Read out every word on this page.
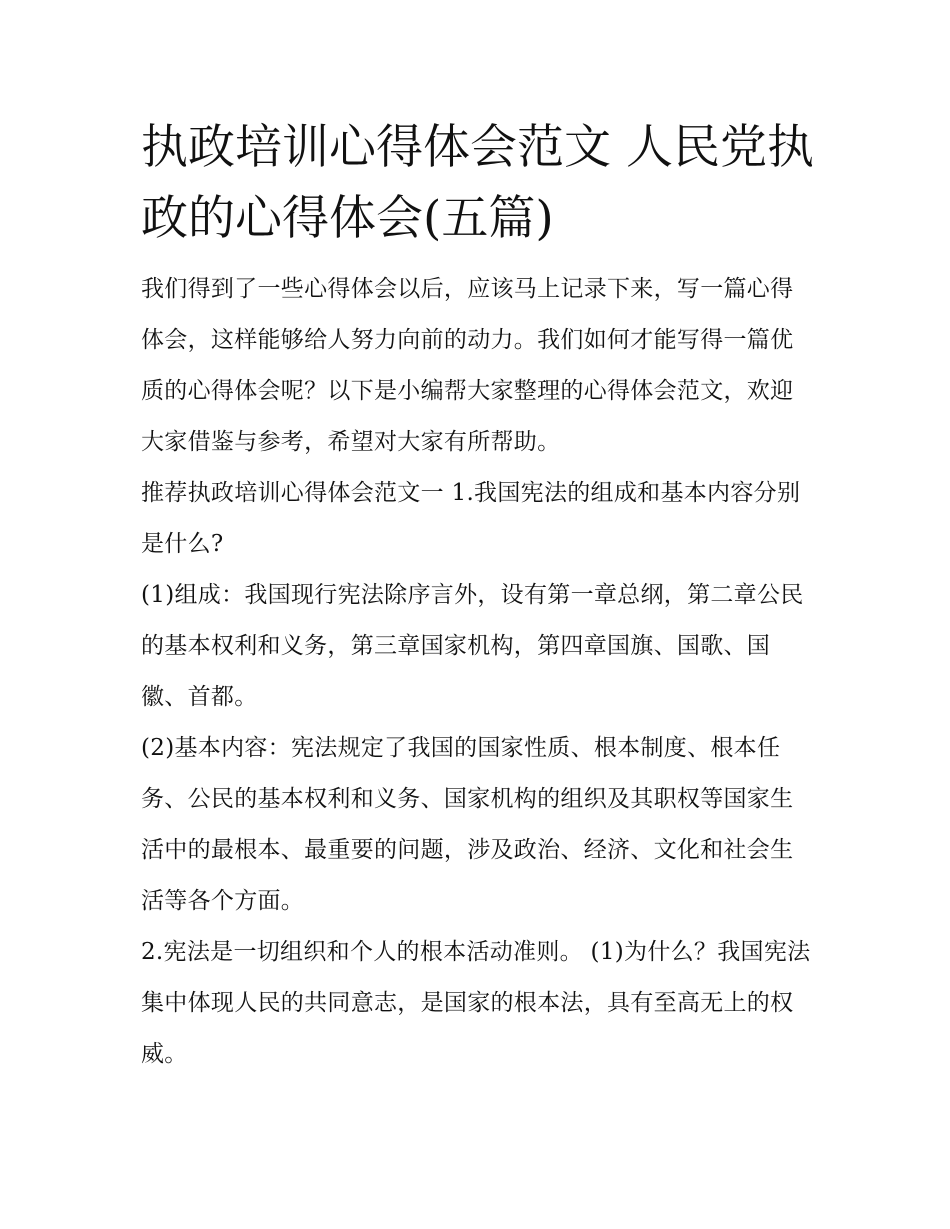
执政培训心得体会范文 人民党执政的心得体会(五篇)

我们得到了一些心得体会以后，应该马上记录下来，写一篇心得体会，这样能够给人努力向前的动力。我们如何才能写得一篇优质的心得体会呢？以下是小编帮大家整理的心得体会范文，欢迎大家借鉴与参考，希望对大家有所帮助。

推荐执政培训心得体会范文一 1.我国宪法的组成和基本内容分别是什么?

(1)组成：我国现行宪法除序言外，设有第一章总纲，第二章公民的基本权利和义务，第三章国家机构，第四章国旗、国歌、国徽、首都。

(2)基本内容：宪法规定了我国的国家性质、根本制度、根本任务、公民的基本权利和义务、国家机构的组织及其职权等国家生活中的最根本、最重要的问题，涉及政治、经济、文化和社会生活等各个方面。

2.宪法是一切组织和个人的根本活动准则。 (1)为什么？我国宪法集中体现人民的共同意志，是国家的根本法，具有至高无上的权威。
